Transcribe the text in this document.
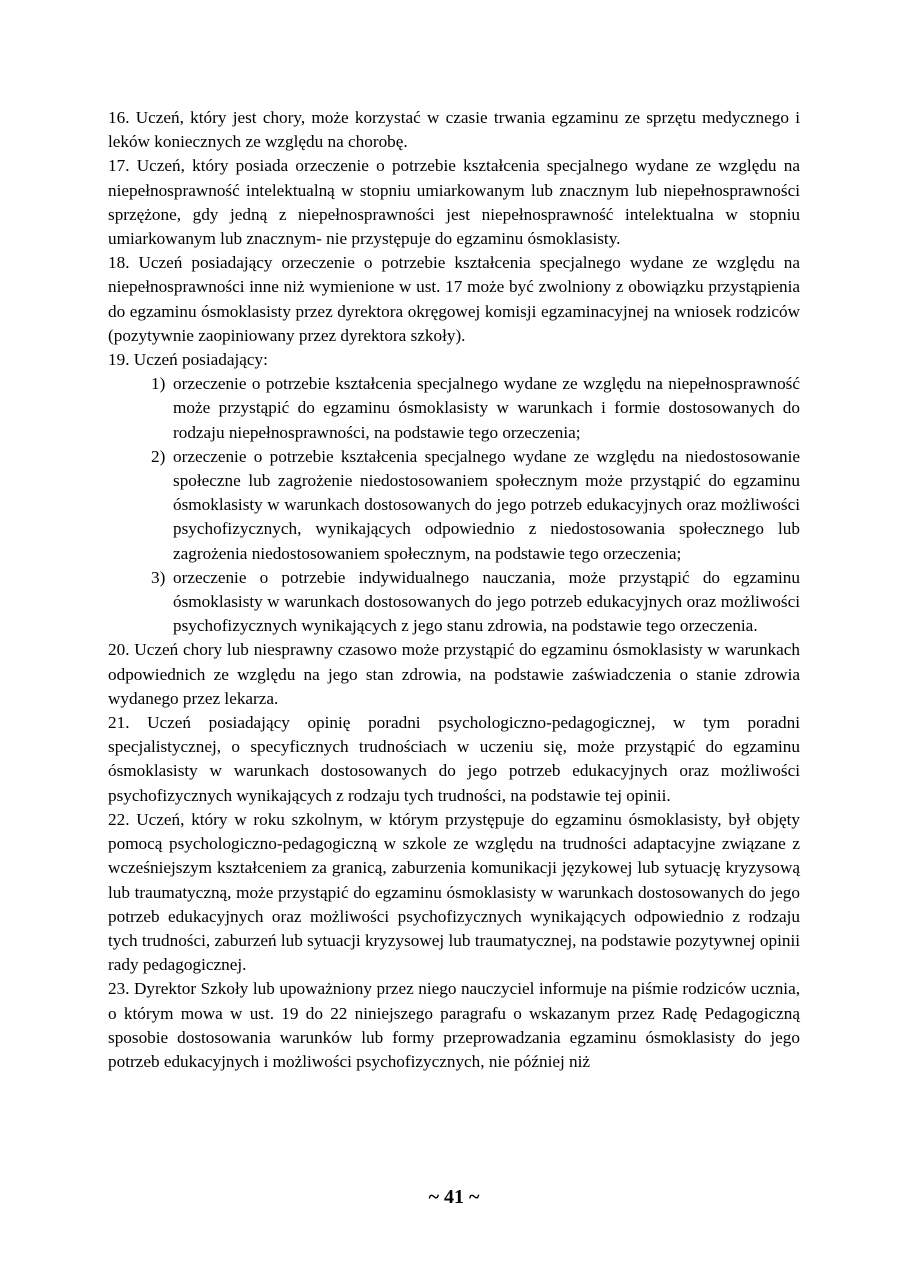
16. Uczeń, który jest chory, może korzystać w czasie trwania egzaminu ze sprzętu medycznego i leków koniecznych ze względu na chorobę.

17. Uczeń, który posiada orzeczenie o potrzebie kształcenia specjalnego wydane ze względu na niepełnosprawność intelektualną w stopniu umiarkowanym lub znacznym lub niepełnosprawności sprzężone, gdy jedną z niepełnosprawności jest niepełnosprawność intelektualna w stopniu umiarkowanym lub znacznym- nie przystępuje do egzaminu ósmoklasisty.

18. Uczeń posiadający orzeczenie o potrzebie kształcenia specjalnego wydane ze względu na niepełnosprawności inne niż wymienione w ust. 17 może być zwolniony z obowiązku przystąpienia do egzaminu ósmoklasisty przez dyrektora okręgowej komisji egzaminacyjnej na wniosek rodziców (pozytywnie zaopiniowany przez dyrektora szkoły).

19. Uczeń posiadający:

1) orzeczenie o potrzebie kształcenia specjalnego wydane ze względu na niepełnosprawność może przystąpić do egzaminu ósmoklasisty w warunkach i formie dostosowanych do rodzaju niepełnosprawności, na podstawie tego orzeczenia;
2) orzeczenie o potrzebie kształcenia specjalnego wydane ze względu na niedostosowanie społeczne lub zagrożenie niedostosowaniem społecznym może przystąpić do egzaminu ósmoklasisty w warunkach dostosowanych do jego potrzeb edukacyjnych oraz możliwości psychofizycznych, wynikających odpowiednio z niedostosowania społecznego lub zagrożenia niedostosowaniem społecznym, na podstawie tego orzeczenia;
3) orzeczenie o potrzebie indywidualnego nauczania, może przystąpić do egzaminu ósmoklasisty w warunkach dostosowanych do jego potrzeb edukacyjnych oraz możliwości psychofizycznych wynikających z jego stanu zdrowia, na podstawie tego orzeczenia.

20. Uczeń chory lub niesprawny czasowo może przystąpić do egzaminu ósmoklasisty w warunkach odpowiednich ze względu na jego stan zdrowia, na podstawie zaświadczenia o stanie zdrowia wydanego przez lekarza.

21. Uczeń posiadający opinię poradni psychologiczno-pedagogicznej, w tym poradni specjalistycznej, o specyficznych trudnościach w uczeniu się, może przystąpić do egzaminu ósmoklasisty w warunkach dostosowanych do jego potrzeb edukacyjnych oraz możliwości psychofizycznych wynikających z rodzaju tych trudności, na podstawie tej opinii.

22. Uczeń, który w roku szkolnym, w którym przystępuje do egzaminu ósmoklasisty, był objęty pomocą psychologiczno-pedagogiczną w szkole ze względu na trudności adaptacyjne związane z wcześniejszym kształceniem za granicą, zaburzenia komunikacji językowej lub sytuację kryzysową lub traumatyczną, może przystąpić do egzaminu ósmoklasisty w warunkach dostosowanych do jego potrzeb edukacyjnych oraz możliwości psychofizycznych wynikających odpowiednio z rodzaju tych trudności, zaburzeń lub sytuacji kryzysowej lub traumatycznej, na podstawie pozytywnej opinii rady pedagogicznej.

23. Dyrektor Szkoły lub upoważniony przez niego nauczyciel informuje na piśmie rodziców ucznia, o którym mowa w ust. 19 do 22 niniejszego paragrafu o wskazanym przez Radę Pedagogiczną sposobie dostosowania warunków lub formy przeprowadzania egzaminu ósmoklasisty do jego potrzeb edukacyjnych i możliwości psychofizycznych, nie później niż

~ 41 ~
